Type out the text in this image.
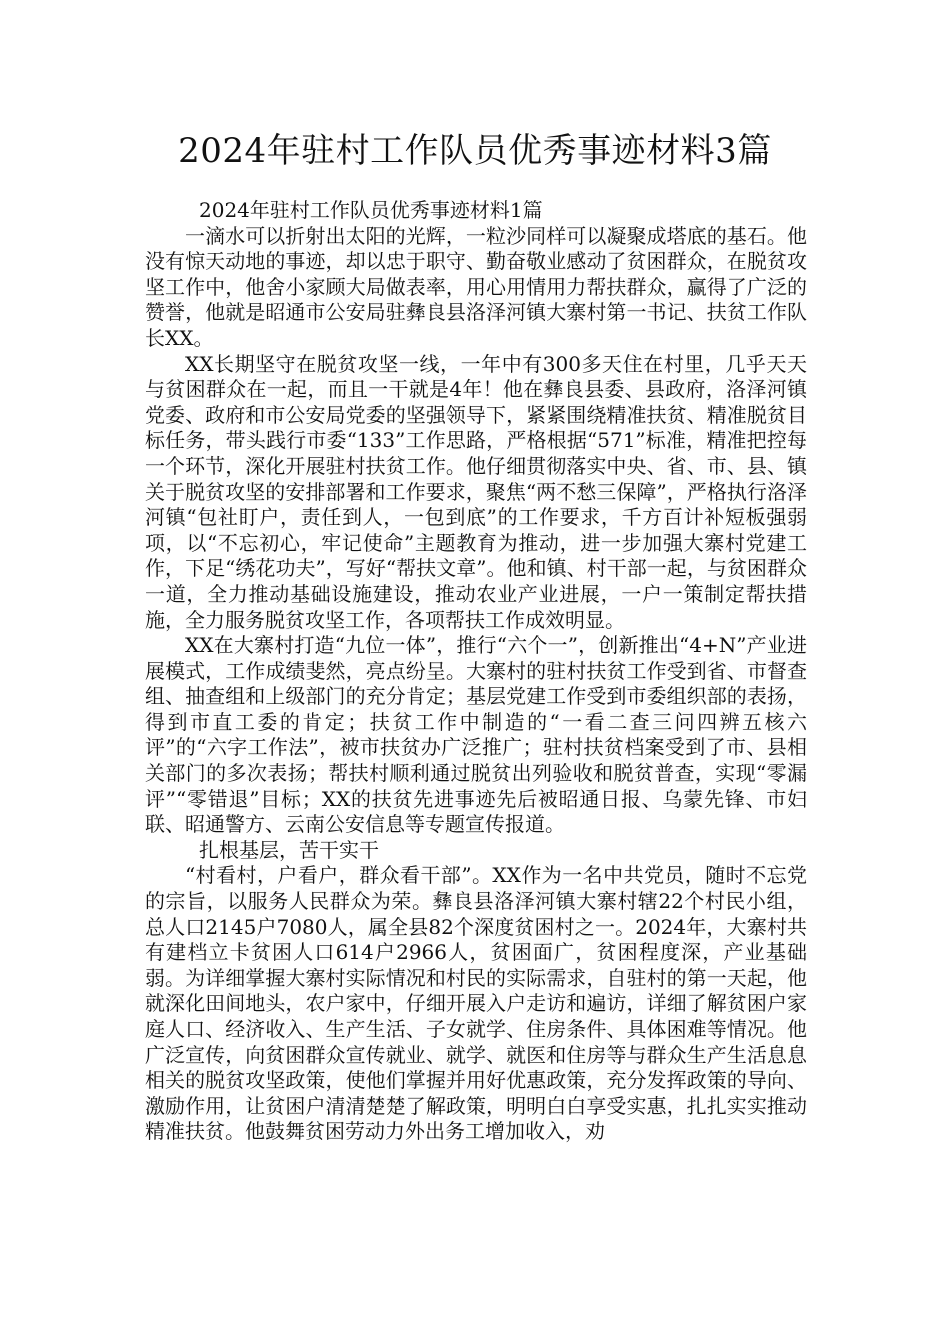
2024年驻村工作队员优秀事迹材料3篇

2024年驻村工作队员优秀事迹材料1篇

一滴水可以折射出太阳的光辉，一粒沙同样可以凝聚成塔底的基石。他没有惊天动地的事迹，却以忠于职守、勤奋敬业感动了贫困群众，在脱贫攻坚工作中，他舍小家顾大局做表率，用心用情用力帮扶群众，赢得了广泛的赞誉，他就是昭通市公安局驻彝良县洛泽河镇大寨村第一书记、扶贫工作队长XX。

XX长期坚守在脱贫攻坚一线，一年中有300多天住在村里，几乎天天与贫困群众在一起，而且一干就是4年！他在彝良县委、县政府，洛泽河镇党委、政府和市公安局党委的坚强领导下，紧紧围绕精准扶贫、精准脱贫目标任务，带头践行市委“133”工作思路，严格根据“571”标准，精准把控每一个环节，深化开展驻村扶贫工作。他仔细贯彻落实中央、省、市、县、镇关于脱贫攻坚的安排部署和工作要求，聚焦“两不愁三保障”，严格执行洛泽河镇“包社盯户，责任到人，一包到底”的工作要求，千方百计补短板强弱项，以“不忘初心，牢记使命”主题教育为推动，进一步加强大寨村党建工作，下足“绣花功夫”，写好“帮扶文章”。他和镇、村干部一起，与贫困群众一道，全力推动基础设施建设，推动农业产业进展，一户一策制定帮扶措施，全力服务脱贫攻坚工作，各项帮扶工作成效明显。

XX在大寨村打造“九位一体”，推行“六个一”，创新推出“4+N”产业进展模式，工作成绩斐然，亮点纷呈。大寨村的驻村扶贫工作受到省、市督查组、抽查组和上级部门的充分肯定；基层党建工作受到市委组织部的表扬，得到市直工委的肯定；扶贫工作中制造的“一看二查三问四辨五核六评”的“六字工作法”，被市扶贫办广泛推广；驻村扶贫档案受到了市、县相关部门的多次表扬；帮扶村顺利通过脱贫出列验收和脱贫普查，实现“零漏评”“零错退”目标；XX的扶贫先进事迹先后被昭通日报、乌蒙先锋、市妇联、昭通警方、云南公安信息等专题宣传报道。

扎根基层，苦干实干

“村看村，户看户，群众看干部”。XX作为一名中共党员，随时不忘党的宗旨，以服务人民群众为荣。彝良县洛泽河镇大寨村辖22个村民小组，总人口2145户7080人，属全县82个深度贫困村之一。2024年，大寨村共有建档立卡贫困人口614户2966人，贫困面广，贫困程度深，产业基础弱。为详细掌握大寨村实际情况和村民的实际需求，自驻村的第一天起，他就深化田间地头，农户家中，仔细开展入户走访和遍访，详细了解贫困户家庭人口、经济收入、生产生活、子女就学、住房条件、具体困难等情况。他广泛宣传，向贫困群众宣传就业、就学、就医和住房等与群众生产生活息息相关的脱贫攻坚政策，使他们掌握并用好优惠政策，充分发挥政策的导向、激励作用，让贫困户清清楚楚了解政策，明明白白享受实惠，扎扎实实推动精准扶贫。他鼓舞贫困劳动力外出务工增加收入，劝
